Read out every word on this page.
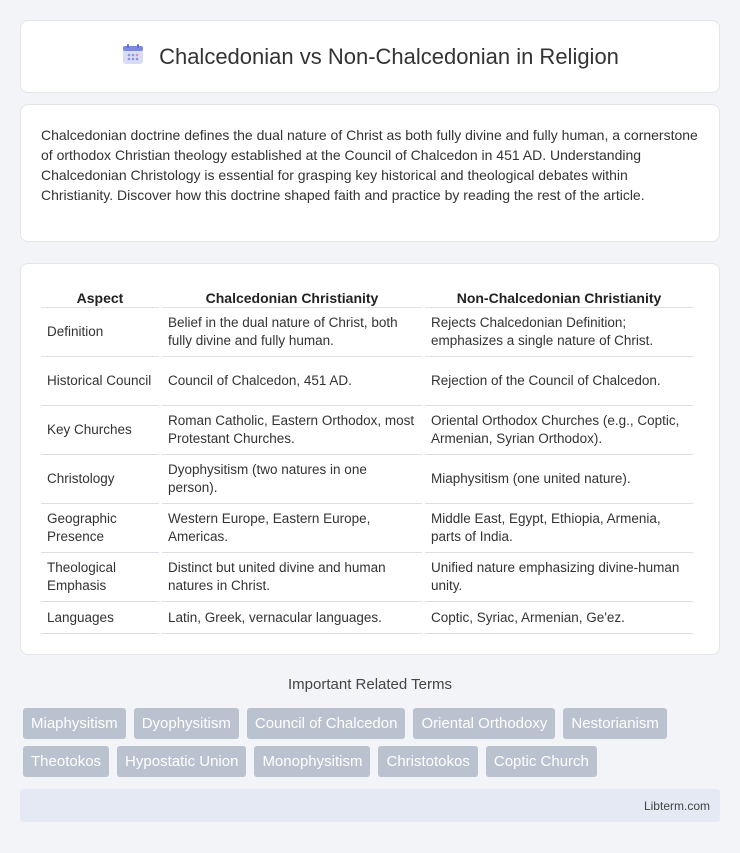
Chalcedonian vs Non-Chalcedonian in Religion

Chalcedonian doctrine defines the dual nature of Christ as both fully divine and fully human, a cornerstone of orthodox Christian theology established at the Council of Chalcedon in 451 AD. Understanding Chalcedonian Christology is essential for grasping key historical and theological debates within Christianity. Discover how this doctrine shaped faith and practice by reading the rest of the article.

Aspect	Chalcedonian Christianity	Non-Chalcedonian Christianity
Definition	Belief in the dual nature of Christ, both fully divine and fully human.	Rejects Chalcedonian Definition; emphasizes a single nature of Christ.
Historical Council	Council of Chalcedon, 451 AD.	Rejection of the Council of Chalcedon.
Key Churches	Roman Catholic, Eastern Orthodox, most Protestant Churches.	Oriental Orthodox Churches (e.g., Coptic, Armenian, Syrian Orthodox).
Christology	Dyophysitism (two natures in one person).	Miaphysitism (one united nature).
Geographic Presence	Western Europe, Eastern Europe, Americas.	Middle East, Egypt, Ethiopia, Armenia, parts of India.
Theological Emphasis	Distinct but united divine and human natures in Christ.	Unified nature emphasizing divine-human unity.
Languages	Latin, Greek, vernacular languages.	Coptic, Syriac, Armenian, Ge'ez.
Important Related Terms
Miaphysitism	Dyophysitism	Council of Chalcedon	Oriental Orthodoxy	Nestorianism
Theotokos	Hypostatic Union	Monophysitism	Christotokos	Coptic Church
Libterm.com
